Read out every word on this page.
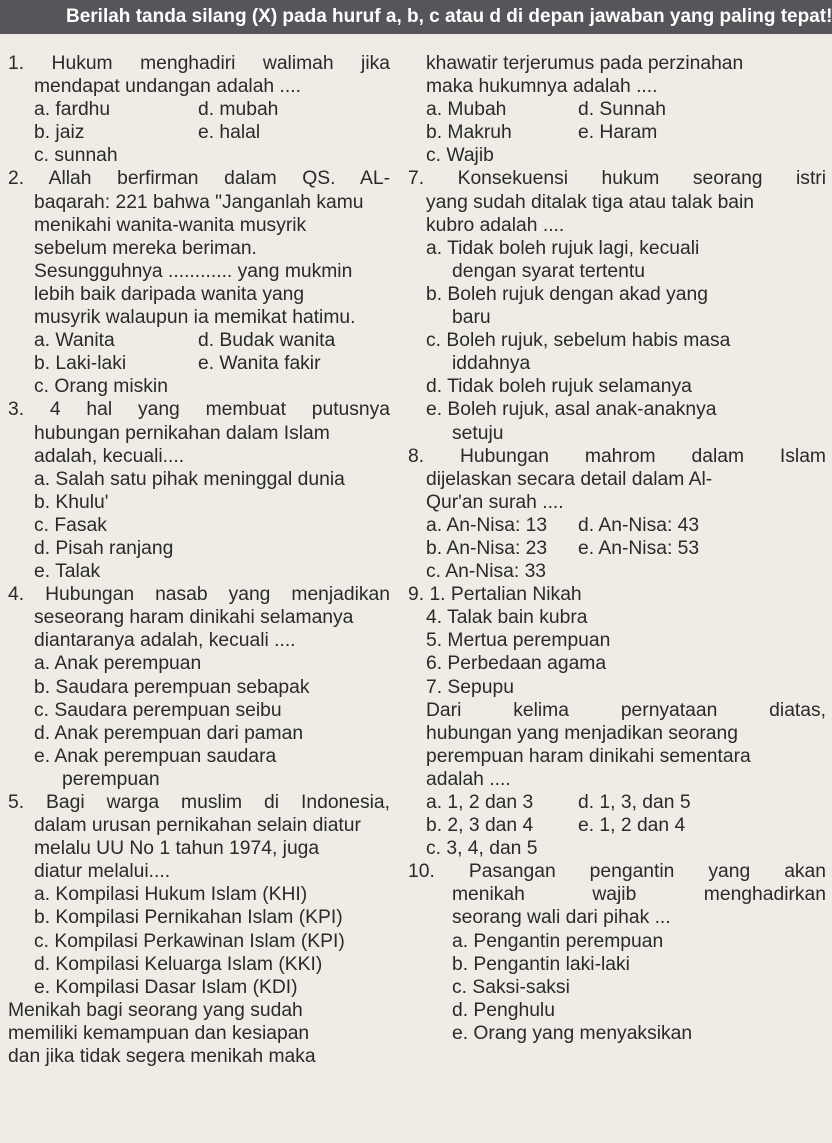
Berilah tanda silang (X) pada huruf a, b, c atau d di depan jawaban yang paling tepat!
1. Hukum menghadiri walimah jika
mendapat undangan adalah ....
a. fardhu	d. mubah
b. jaiz	e. halal
c. sunnah
2. Allah berfirman dalam QS. AL-
baqarah: 221 bahwa "Janganlah kamu
menikahi wanita-wanita musyrik
sebelum mereka beriman.
Sesungguhnya ............ yang mukmin
lebih baik daripada wanita yang
musyrik walaupun ia memikat hatimu.
a. Wanita	d. Budak wanita
b. Laki-laki	e. Wanita fakir
c. Orang miskin
3. 4 hal yang membuat putusnya
hubungan pernikahan dalam Islam
adalah, kecuali....
a. Salah satu pihak meninggal dunia
b. Khulu'
c. Fasak
d. Pisah ranjang
e. Talak
4. Hubungan nasab yang menjadikan
seseorang haram dinikahi selamanya
diantaranya adalah, kecuali ....
a. Anak perempuan
b. Saudara perempuan sebapak
c. Saudara perempuan seibu
d. Anak perempuan dari paman
e. Anak perempuan saudara
perempuan
5. Bagi warga muslim di Indonesia,
dalam urusan pernikahan selain diatur
melalu UU No 1 tahun 1974, juga
diatur melalui....
a. Kompilasi Hukum Islam (KHI)
b. Kompilasi Pernikahan Islam (KPI)
c. Kompilasi Perkawinan Islam (KPI)
d. Kompilasi Keluarga Islam (KKI)
e. Kompilasi Dasar Islam (KDI)
Menikah bagi seorang yang sudah
memiliki kemampuan dan kesiapan
dan jika tidak segera menikah maka
khawatir terjerumus pada perzinahan
maka hukumnya adalah ....
a. Mubah	d. Sunnah
b. Makruh	e. Haram
c. Wajib
7. Konsekuensi hukum seorang istri
yang sudah ditalak tiga atau talak bain
kubro adalah ....
a. Tidak boleh rujuk lagi, kecuali
dengan syarat tertentu
b. Boleh rujuk dengan akad yang
baru
c. Boleh rujuk, sebelum habis masa
iddahnya
d. Tidak boleh rujuk selamanya
e. Boleh rujuk, asal anak-anaknya
setuju
8. Hubungan mahrom dalam Islam
dijelaskan secara detail dalam Al-
Qur'an surah ....
a. An-Nisa: 13	d. An-Nisa: 43
b. An-Nisa: 23	e. An-Nisa: 53
c. An-Nisa: 33
9. 1. Pertalian Nikah
4. Talak bain kubra
5. Mertua perempuan
6. Perbedaan agama
7. Sepupu
Dari kelima pernyataan diatas,
hubungan yang menjadikan seorang
perempuan haram dinikahi sementara
adalah ....
a. 1, 2 dan 3	d. 1, 3, dan 5
b. 2, 3 dan 4	e. 1, 2 dan 4
c. 3, 4, dan 5
10. Pasangan pengantin yang akan
menikah wajib menghadirkan
seorang wali dari pihak ...
a. Pengantin perempuan
b. Pengantin laki-laki
c. Saksi-saksi
d. Penghulu
e. Orang yang menyaksikan
